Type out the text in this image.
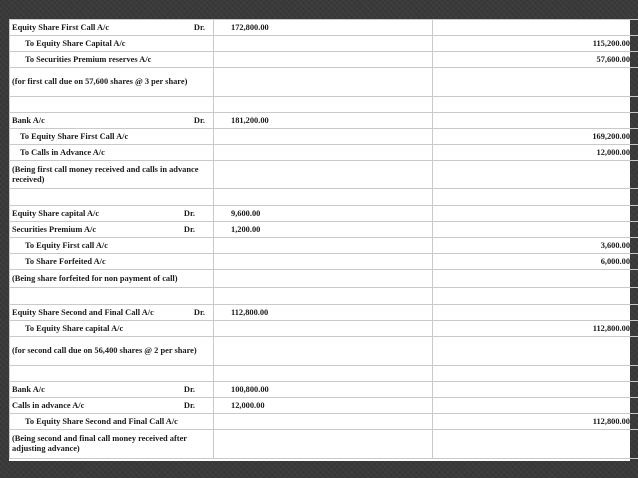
Equity Share First Call A/c Dr.	172,800.00	

To Equity Share Capital A/c		115,200.00

To Securities Premium reserves A/c		57,600.00
(for first call due on 57,600 shares @ 3 per share)		

Bank A/c Dr.	181,200.00	

To Equity Share First Call A/c		169,200.00

To Calls in Advance A/c		12,000.00
(Being first call money received and calls in advance received)		

Equity Share capital A/c Dr.	9,600.00	

Securities Premium A/c Dr.	1,200.00	

To Equity First call A/c		3,600.00

To Share Forfeited A/c		6,000.00
(Being share forfeited for non payment of call)		

Equity Share Second and Final Call A/c Dr.	112,800.00	

To Equity Share capital A/c		112,800.00
(for second call due on 56,400 shares @ 2 per share)		

Bank A/c Dr.	100,800.00	

Calls in advance A/c Dr.	12,000.00	

To Equity Share Second and Final Call A/c		112,800.00
(Being second and final call money received after adjusting advance)		
